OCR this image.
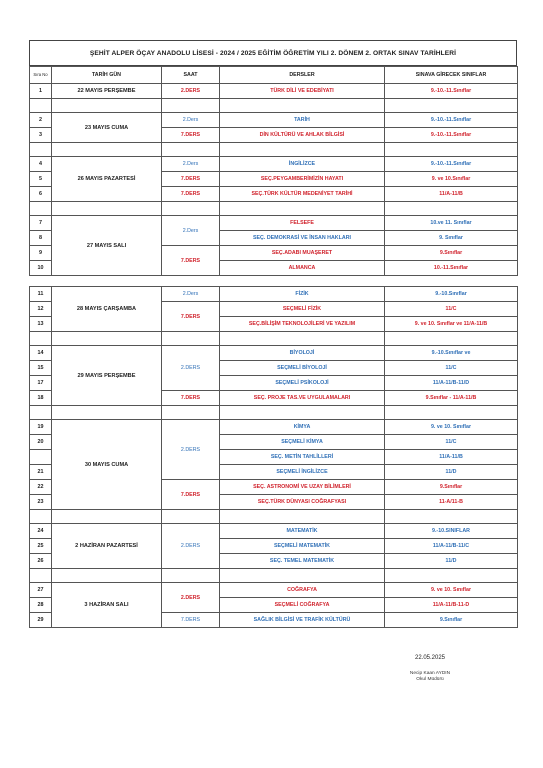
ŞEHİT ALPER ÖÇAY ANADOLU LİSESİ - 2024 / 2025 EĞİTİM ÖĞRETİM YILI 2. DÖNEM 2. ORTAK SINAV TARİHLERİ
Sıra No	TARİH GÜN	SAAT	DERSLER	SINAVA GİRECEK SINIFLAR
1	22 MAYIS PERŞEMBE	2.DERS	TÜRK DİLİ VE EDEBİYATI	9.-10.-11.Sınıflar

2	23 MAYIS CUMA	2.Ders	TARİH	9.-10.-11.Sınıflar
3		7.DERS	DİN KÜLTÜRÜ VE AHLAK BİLGİSİ	9.-10.-11.Sınıflar

4	26 MAYIS PAZARTESİ	2.Ders	İNGİLİZCE	9.-10.-11.Sınıflar
5		7.DERS	SEÇ.PEYGAMBERİMİZİN HAYATI	9. ve 10.Sınıflar
6		7.DERS	SEÇ.TÜRK KÜLTÜR MEDENİYET TARİHİ	11/A-11/B

7	27 MAYIS SALI	2.Ders	FELSEFE	10.ve 11. Sınıflar
8			SEÇ. DEMOKRASİ VE İNSAN HAKLARI	9. Sınıflar
9		7.DERS	SEÇ.ADABI MUAŞERET	9.Sınıflar
10			ALMANCA	10.-11.Sınıflar
11	28 MAYIS ÇARŞAMBA	2.Ders	FİZİK	9.-10.Sınıflar
12		7.DERS	SEÇMELİ FİZİK	11/C
13			SEÇ.BİLİŞİM TEKNOLOJİLERİ VE YAZILIM	9. ve 10. Sınıflar ve 11/A-11/B

14	29 MAYIS PERŞEMBE	2.DERS	BİYOLOJİ	9.-10.Sınıflar ve
15			SEÇMELİ BİYOLOJİ	11/C
17			SEÇMELİ PSİKOLOJİ	11/A-11/B-11/D
18		7.DERS	SEÇ. PROJE TAS.VE UYGULAMALARI	9.Sınıflar - 11/A-11/B

19	30 MAYIS CUMA	2.DERS	KİMYA	9. ve 10. Sınıflar
20			SEÇMELİ KİMYA	11/C
			SEÇ. METİN TAHLİLLERİ	11/A-11/B
21			SEÇMELİ İNGİLİZCE	11/D
22		7.DERS	SEÇ. ASTRONOMİ VE UZAY BİLİMLERİ	9.Sınıflar
23			SEÇ.TÜRK DÜNYASI COĞRAFYASI	11-A/11-B

24	2 HAZİRAN PAZARTESİ	2.DERS	MATEMATİK	9.-10.SINIFLAR
25			SEÇMELİ MATEMATİK	11/A-11/B-11/C
26			SEÇ. TEMEL MATEMATİK	11/D

27	3 HAZİRAN SALI	2.DERS	COĞRAFYA	9. ve 10. Sınıflar
28			SEÇMELİ COĞRAFYA	11/A-11/B-11-D
29		7.DERS	SAĞLIK BİLGİSİ VE TRAFİK KÜLTÜRÜ	9.Sınıflar
22.05.2025
Necip Kaan AYDIN
Okul Müdürü
